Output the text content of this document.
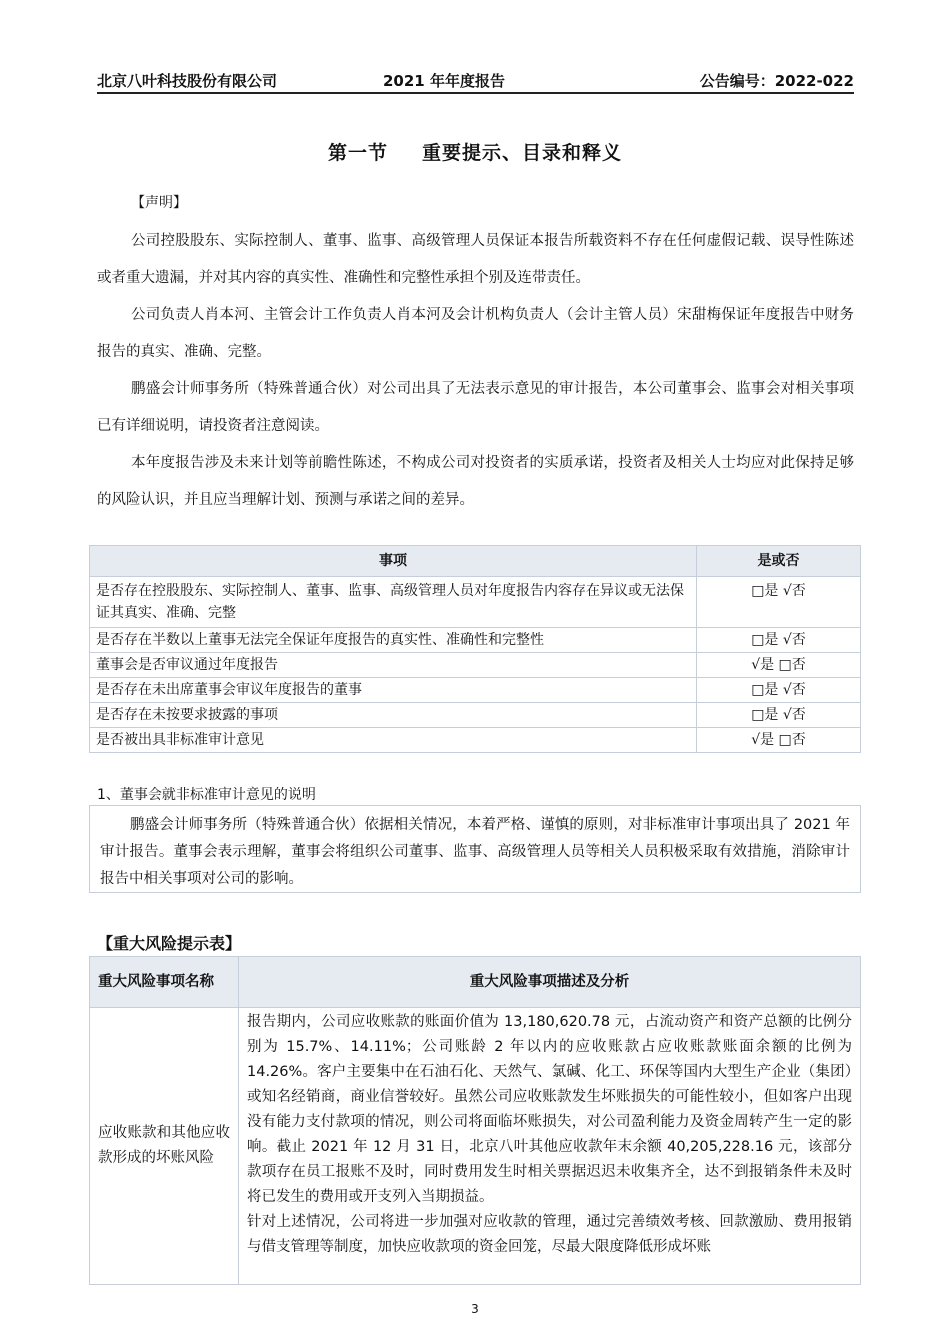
北京八叶科技股份有限公司	2021 年年度报告	公告编号：2022-022
第一节 重要提示、目录和释义
【声明】

公司控股股东、实际控制人、董事、监事、高级管理人员保证本报告所载资料不存在任何虚假记载、误导性陈述或者重大遗漏，并对其内容的真实性、准确性和完整性承担个别及连带责任。

公司负责人肖本河、主管会计工作负责人肖本河及会计机构负责人（会计主管人员）宋甜梅保证年度报告中财务报告的真实、准确、完整。

鹏盛会计师事务所（特殊普通合伙）对公司出具了无法表示意见的审计报告，本公司董事会、监事会对相关事项已有详细说明，请投资者注意阅读。

本年度报告涉及未来计划等前瞻性陈述，不构成公司对投资者的实质承诺，投资者及相关人士均应对此保持足够的风险认识，并且应当理解计划、预测与承诺之间的差异。

事项	是或否
是否存在控股股东、实际控制人、董事、监事、高级管理人员对年度报告内容存在异议或无法保证其真实、准确、完整	□是 √否
是否存在半数以上董事无法完全保证年度报告的真实性、准确性和完整性	□是 √否
董事会是否审议通过年度报告	√是 □否
是否存在未出席董事会审议年度报告的董事	□是 √否
是否存在未按要求披露的事项	□是 √否
是否被出具非标准审计意见	√是 □否
1、董事会就非标准审计意见的说明

鹏盛会计师事务所（特殊普通合伙）依据相关情况，本着严格、谨慎的原则，对非标准审计事项出具了 2021 年审计报告。董事会表示理解，董事会将组织公司董事、监事、高级管理人员等相关人员积极采取有效措施，消除审计报告中相关事项对公司的影响。

【重大风险提示表】
重大风险事项名称	重大风险事项描述及分析
应收账款和其他应收款形成的坏账风险	报告期内，公司应收账款的账面价值为 13,180,620.78 元，占流动资产和资产总额的比例分别为 15.7%、14.11%；公司账龄 2 年以内的应收账款占应收账款账面余额的比例为 14.26%。客户主要集中在石油石化、天然气、氯碱、化工、环保等国内大型生产企业（集团）或知名经销商，商业信誉较好。虽然公司应收账款发生坏账损失的可能性较小，但如客户出现没有能力支付款项的情况，则公司将面临坏账损失，对公司盈利能力及资金周转产生一定的影响。截止 2021 年 12 月 31 日，北京八叶其他应收款年末余额 40,205,228.16 元，该部分款项存在员工报账不及时，同时费用发生时相关票据迟迟未收集齐全，达不到报销条件未及时将已发生的费用或开支列入当期损益。

针对上述情况，公司将进一步加强对应收款的管理，通过完善绩效考核、回款激励、费用报销与借支管理等制度，加快应收款项的资金回笼，尽最大限度降低形成坏账

3
